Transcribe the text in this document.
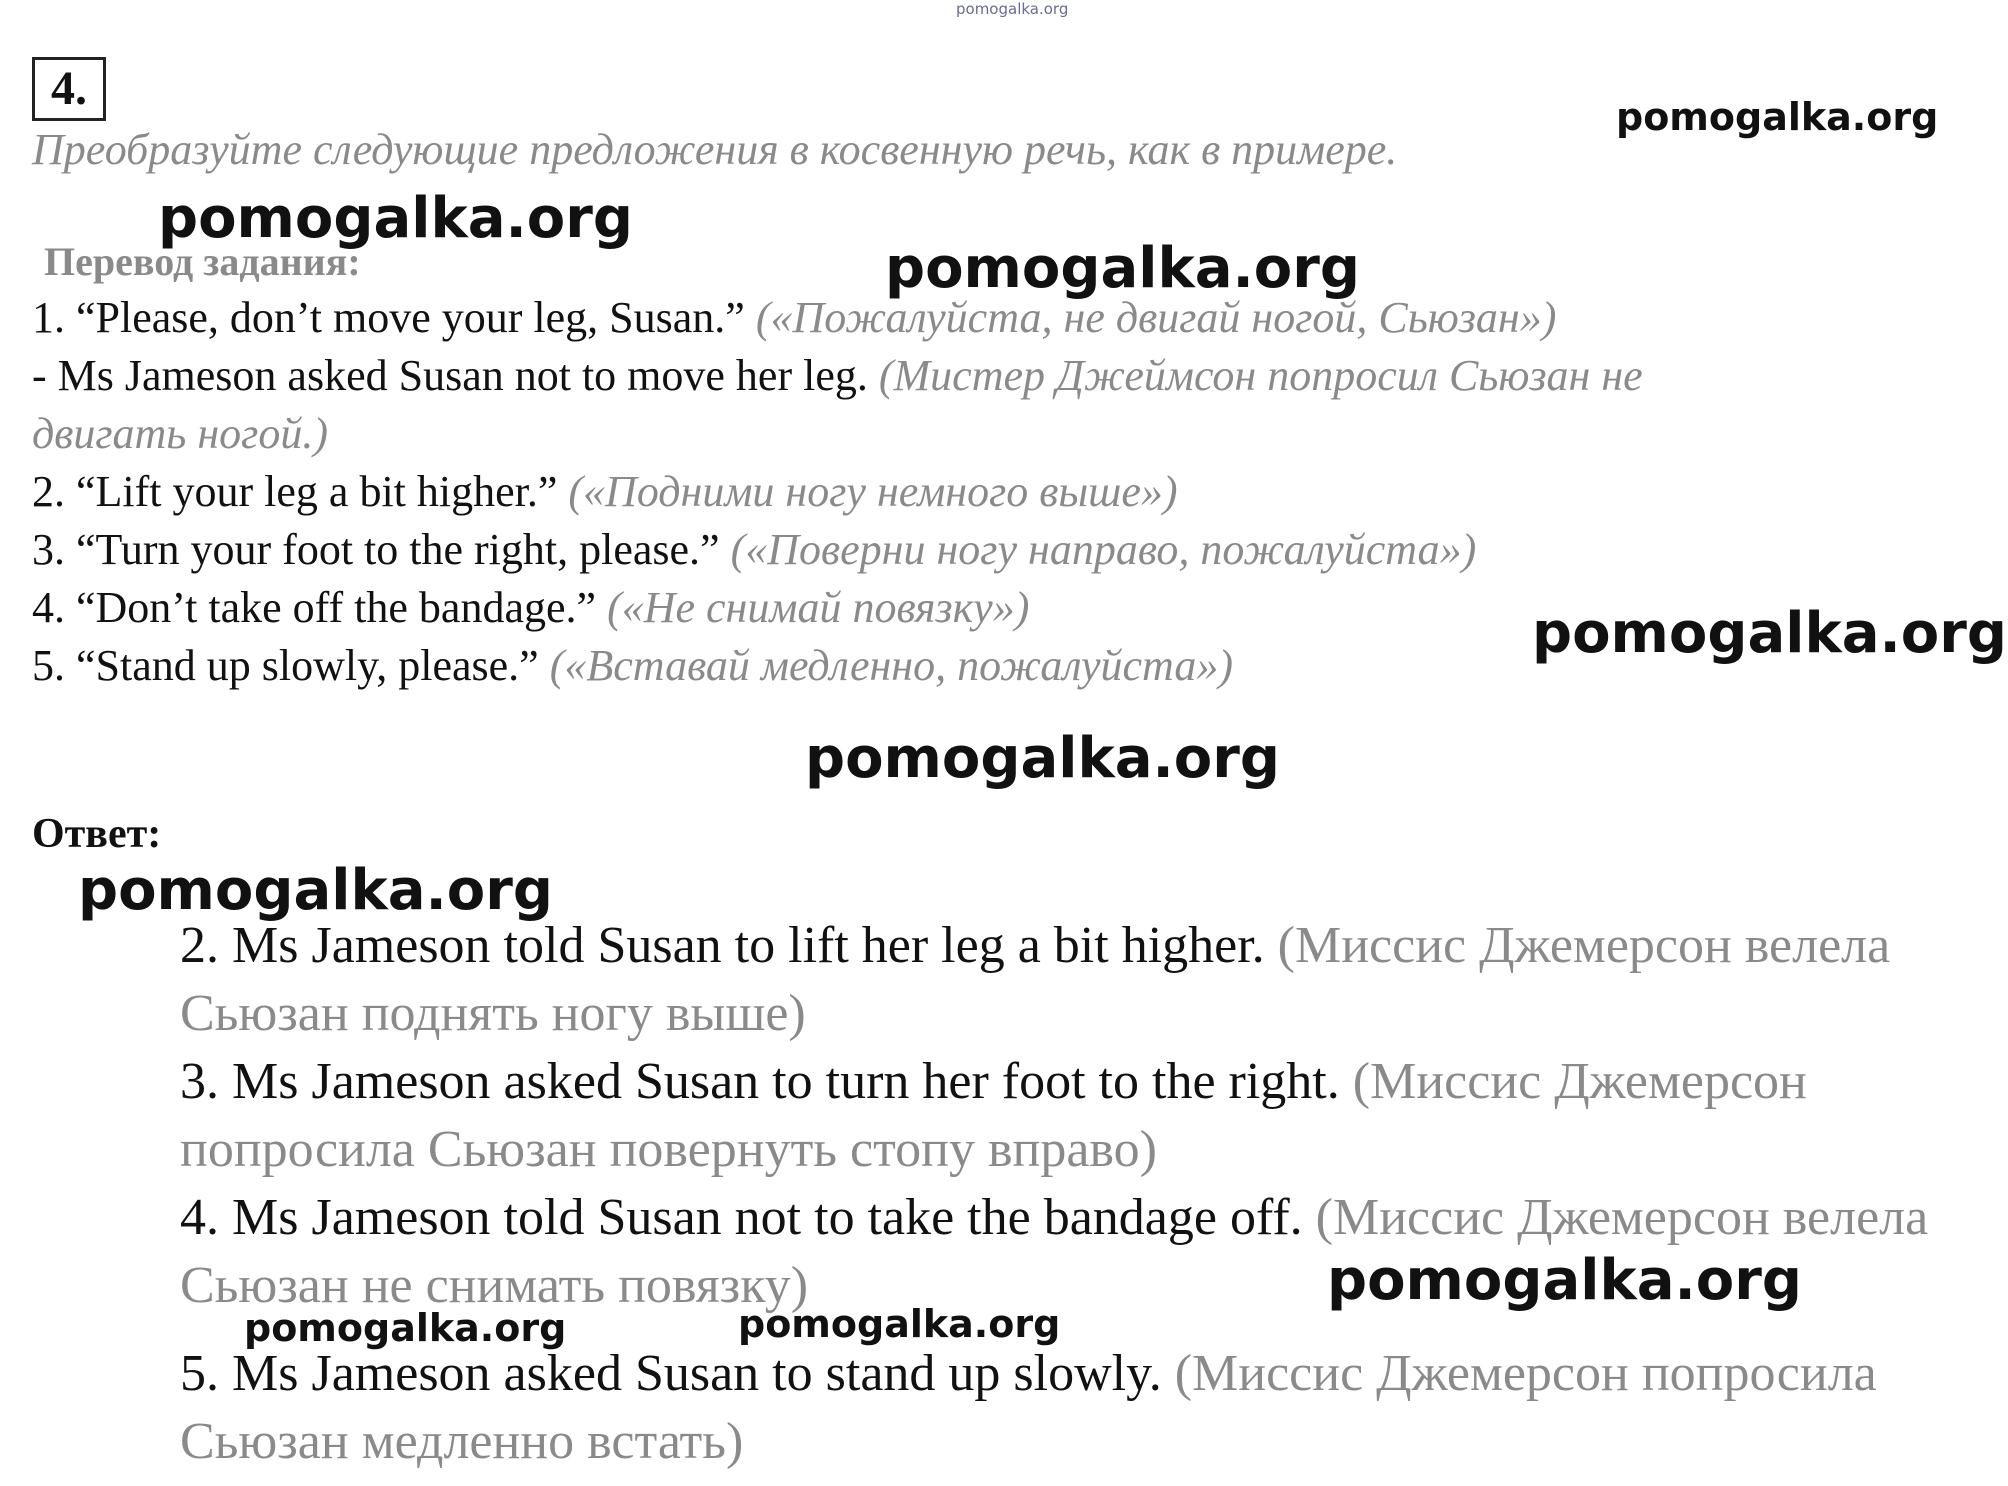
pomogalka.org
pomogalka.org
pomogalka.org
pomogalka.org
pomogalka.org
pomogalka.org
pomogalka.org
pomogalka.org
pomogalka.org	pomogalka.org
4.
Преобразуйте следующие предложения в косвенную речь, как в примере.
Перевод задания:
1. “Please, don’t move your leg, Susan.” («Пожалуйста, не двигай ногой, Сьюзан»)
- Ms Jameson asked Susan not to move her leg. (Мистер Джеймсон попросил Сьюзан не
двигать ногой.)
2. “Lift your leg a bit higher.” («Подними ногу немного выше»)
3. “Turn your foot to the right, please.” («Поверни ногу направо, пожалуйста»)
4. “Don’t take off the bandage.” («Не снимай повязку»)
5. “Stand up slowly, please.” («Вставай медленно, пожалуйста»)
Ответ:
2. Ms Jameson told Susan to lift her leg a bit higher. (Миссис Джемерсон велела Сьюзан поднять ногу выше)
3. Ms Jameson asked Susan to turn her foot to the right. (Миссис Джемерсон попросила Сьюзан повернуть стопу вправо)
4. Ms Jameson told Susan not to take the bandage off. (Миссис Джемерсон велела Сьюзан не снимать повязку)
5. Ms Jameson asked Susan to stand up slowly. (Миссис Джемерсон попросила Сьюзан медленно встать)
